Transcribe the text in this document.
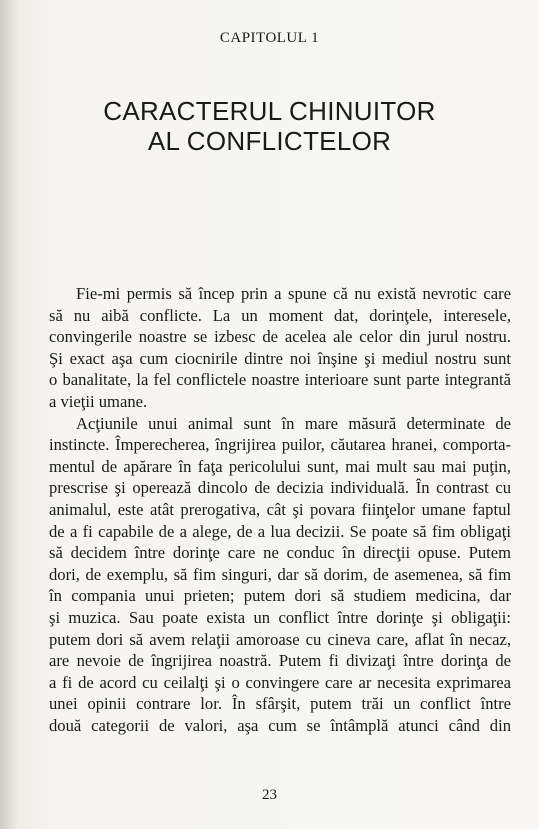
CAPITOLUL 1
CARACTERUL CHINUITOR
AL CONFLICTELOR
Fie-mi permis să încep prin a spune că nu există nevrotic care
să nu aibă conflicte. La un moment dat, dorinţele, interesele,
convingerile noastre se izbesc de acelea ale celor din jurul nostru.
Şi exact aşa cum ciocnirile dintre noi înşine şi mediul nostru sunt
o banalitate, la fel conflictele noastre interioare sunt parte integrantă
a vieţii umane.
Acţiunile unui animal sunt în mare măsură determinate de
instincte. Împerecherea, îngrijirea puilor, căutarea hranei, comporta-
mentul de apărare în faţa pericolului sunt, mai mult sau mai puţin,
prescrise şi operează dincolo de decizia individuală. În contrast cu
animalul, este atât prerogativa, cât şi povara fiinţelor umane faptul
de a fi capabile de a alege, de a lua decizii. Se poate să fim obligaţi
să decidem între dorinţe care ne conduc în direcţii opuse. Putem
dori, de exemplu, să fim singuri, dar să dorim, de asemenea, să fim
în compania unui prieten; putem dori să studiem medicina, dar
şi muzica. Sau poate exista un conflict între dorinţe şi obligaţii:
putem dori să avem relaţii amoroase cu cineva care, aflat în necaz,
are nevoie de îngrijirea noastră. Putem fi divizaţi între dorinţa de
a fi de acord cu ceilalţi şi o convingere care ar necesita exprimarea
unei opinii contrare lor. În sfârşit, putem trăi un conflict între
două categorii de valori, aşa cum se întâmplă atunci când din
23
